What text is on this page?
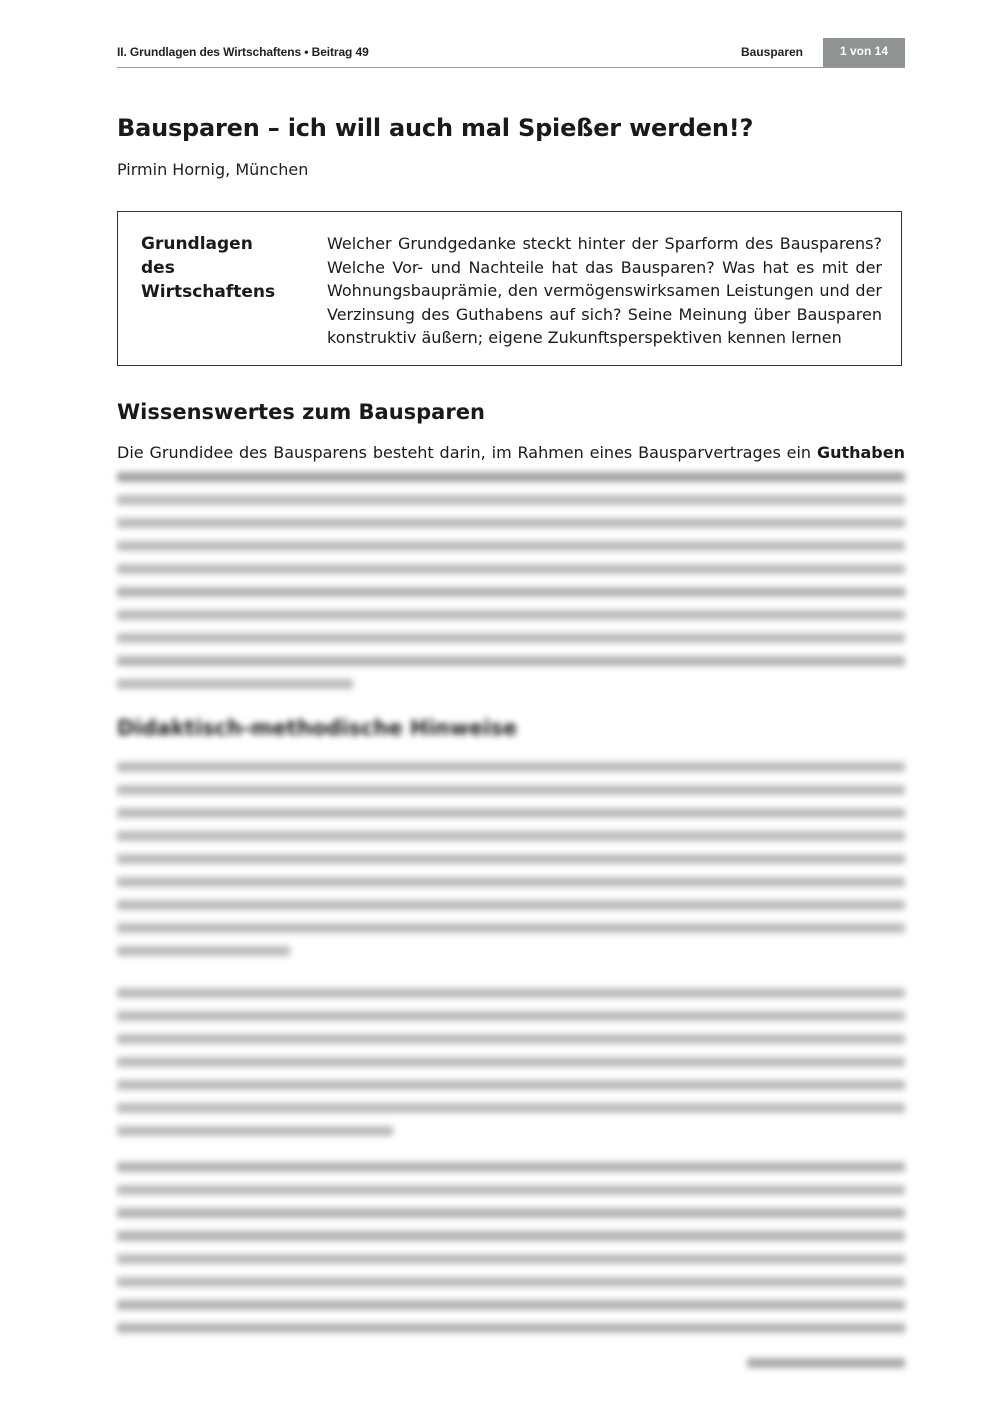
II. Grundlagen des Wirtschaftens • Beitrag 49	Bausparen	1 von 14
Bausparen – ich will auch mal Spießer werden!?
Pirmin Hornig, München
Grundlagen des Wirtschaftens
Welcher Grundgedanke steckt hinter der Sparform des Bausparens? Welche Vor- und Nachteile hat das Bausparen? Was hat es mit der Wohnungsbauprämie, den vermögenswirksamen Leistungen und der Verzinsung des Guthabens auf sich? Seine Meinung über Bausparen konstruktiv äußern; eigene Zukunftsperspektiven kennen lernen
Wissenswertes zum Bausparen
Die Grundidee des Bausparens besteht darin, im Rahmen eines Bausparvertrages ein Guthaben
Didaktisch-methodische Hinweise
